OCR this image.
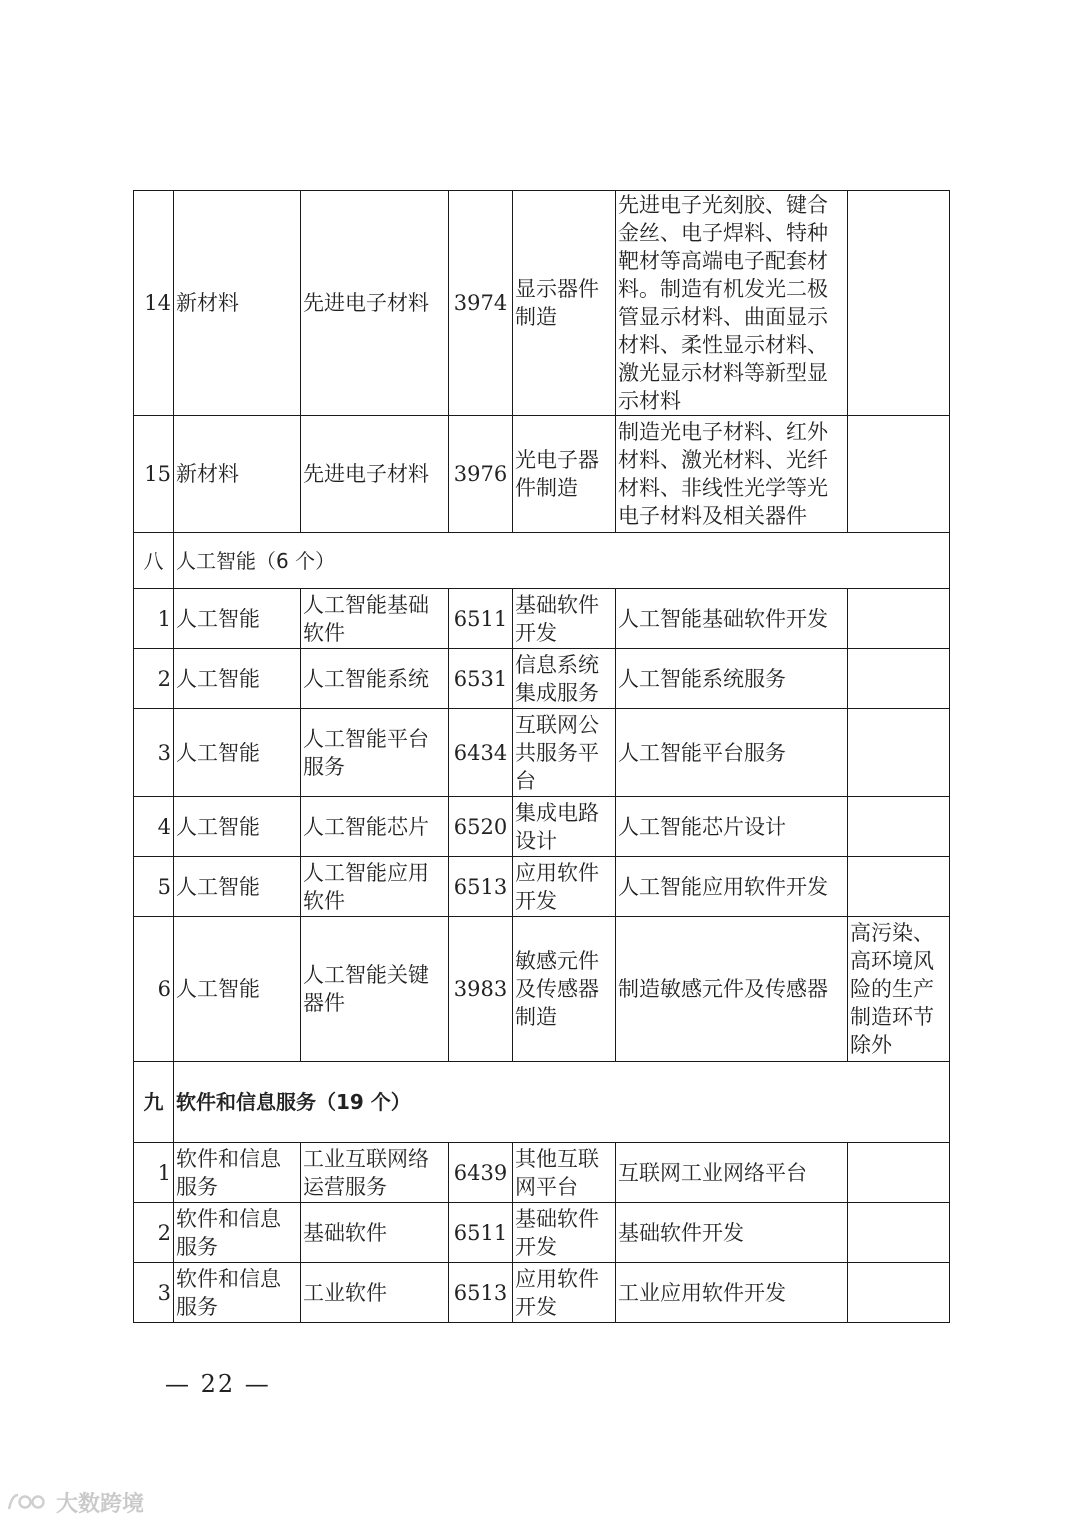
14	新材料	先进电子材料	3974	显示器件制造	先进电子光刻胶、键合金丝、电子焊料、特种靶材等高端电子配套材料。制造有机发光二极管显示材料、曲面显示材料、柔性显示材料、激光显示材料等新型显示材料	
15	新材料	先进电子材料	3976	光电子器件制造	制造光电子材料、红外材料、激光材料、光纤材料、非线性光学等光电子材料及相关器件	
八	人工智能（6 个）					
1	人工智能	人工智能基础软件	6511	基础软件开发	人工智能基础软件开发	
2	人工智能	人工智能系统	6531	信息系统集成服务	人工智能系统服务	
3	人工智能	人工智能平台服务	6434	互联网公共服务平台	人工智能平台服务	
4	人工智能	人工智能芯片	6520	集成电路设计	人工智能芯片设计	
5	人工智能	人工智能应用软件	6513	应用软件开发	人工智能应用软件开发	
6	人工智能	人工智能关键器件	3983	敏感元件及传感器制造	制造敏感元件及传感器	高污染、高环境风险的生产制造环节除外
九	软件和信息服务（19 个）					
1	软件和信息服务	工业互联网络运营服务	6439	其他互联网平台	互联网工业网络平台	
2	软件和信息服务	基础软件	6511	基础软件开发	基础软件开发	
3	软件和信息服务	工业软件	6513	应用软件开发	工业应用软件开发	
— 22 —
大数跨境
